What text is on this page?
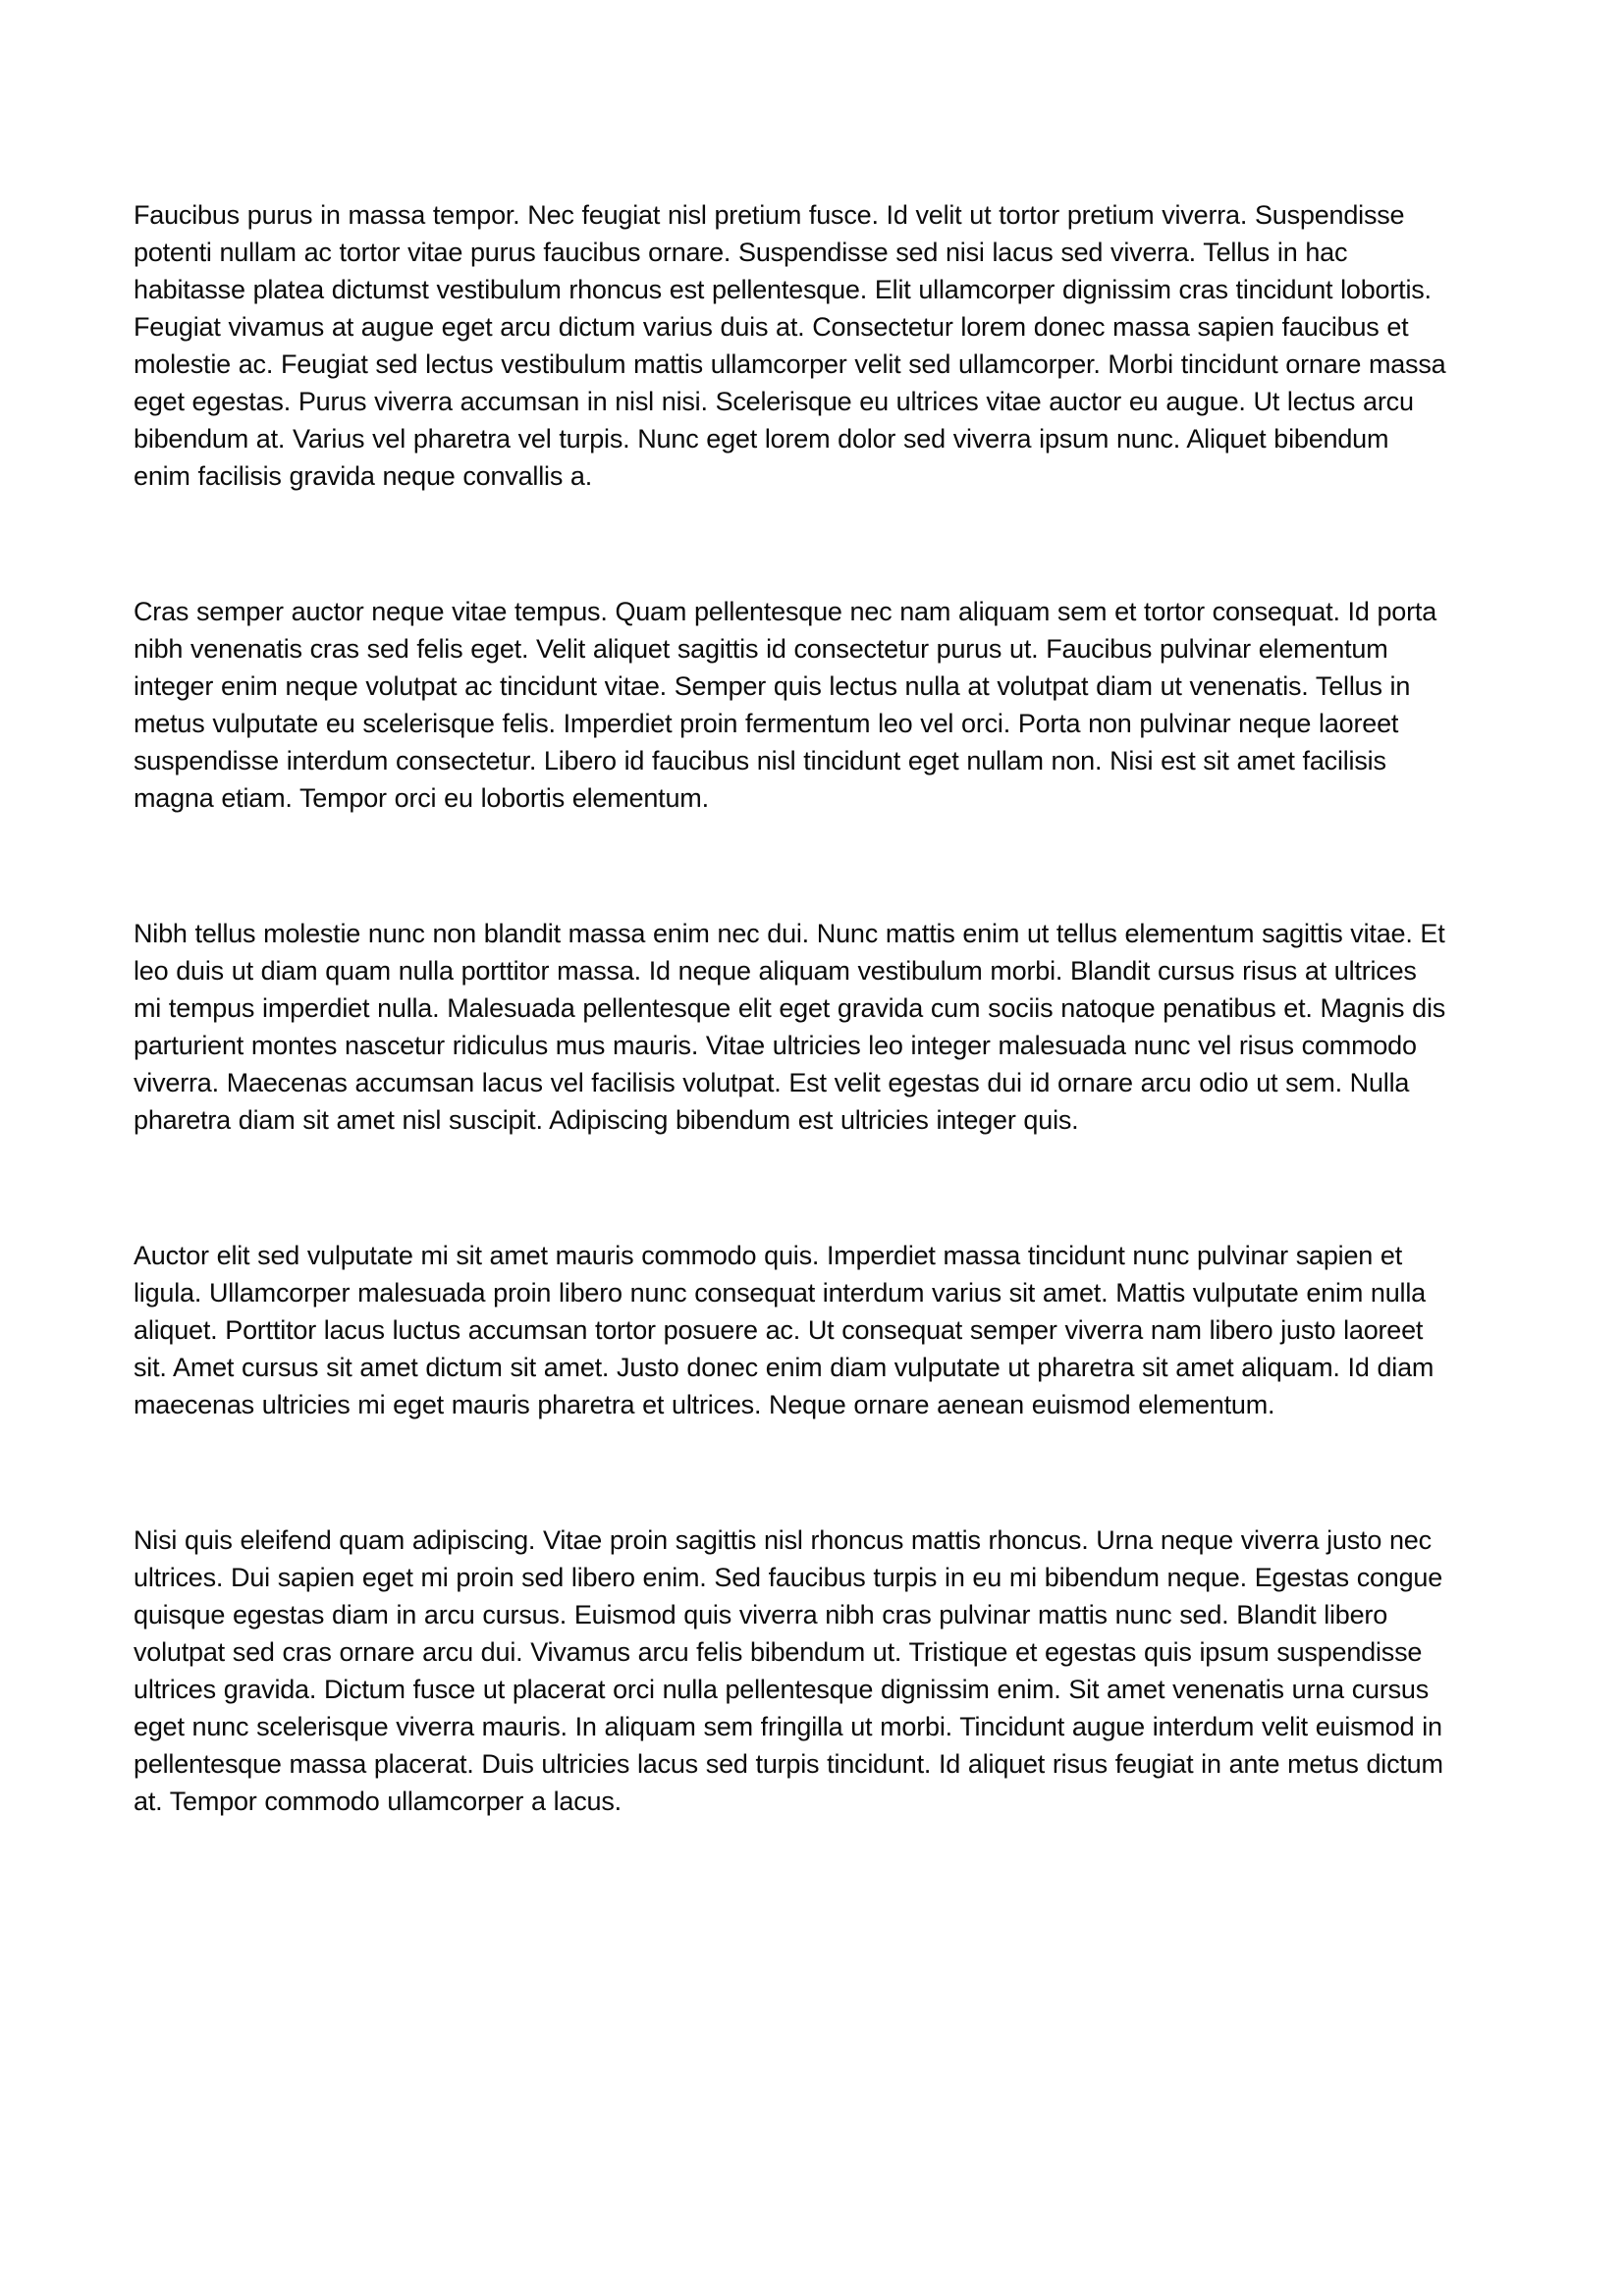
Faucibus purus in massa tempor. Nec feugiat nisl pretium fusce. Id velit ut tortor pretium viverra. Suspendisse potenti nullam ac tortor vitae purus faucibus ornare. Suspendisse sed nisi lacus sed viverra. Tellus in hac habitasse platea dictumst vestibulum rhoncus est pellentesque. Elit ullamcorper dignissim cras tincidunt lobortis. Feugiat vivamus at augue eget arcu dictum varius duis at. Consectetur lorem donec massa sapien faucibus et molestie ac. Feugiat sed lectus vestibulum mattis ullamcorper velit sed ullamcorper. Morbi tincidunt ornare massa eget egestas. Purus viverra accumsan in nisl nisi. Scelerisque eu ultrices vitae auctor eu augue. Ut lectus arcu bibendum at. Varius vel pharetra vel turpis. Nunc eget lorem dolor sed viverra ipsum nunc. Aliquet bibendum enim facilisis gravida neque convallis a.

Cras semper auctor neque vitae tempus. Quam pellentesque nec nam aliquam sem et tortor consequat. Id porta nibh venenatis cras sed felis eget. Velit aliquet sagittis id consectetur purus ut. Faucibus pulvinar elementum integer enim neque volutpat ac tincidunt vitae. Semper quis lectus nulla at volutpat diam ut venenatis. Tellus in metus vulputate eu scelerisque felis. Imperdiet proin fermentum leo vel orci. Porta non pulvinar neque laoreet suspendisse interdum consectetur. Libero id faucibus nisl tincidunt eget nullam non. Nisi est sit amet facilisis magna etiam. Tempor orci eu lobortis elementum.

Nibh tellus molestie nunc non blandit massa enim nec dui. Nunc mattis enim ut tellus elementum sagittis vitae. Et leo duis ut diam quam nulla porttitor massa. Id neque aliquam vestibulum morbi. Blandit cursus risus at ultrices mi tempus imperdiet nulla. Malesuada pellentesque elit eget gravida cum sociis natoque penatibus et. Magnis dis parturient montes nascetur ridiculus mus mauris. Vitae ultricies leo integer malesuada nunc vel risus commodo viverra. Maecenas accumsan lacus vel facilisis volutpat. Est velit egestas dui id ornare arcu odio ut sem. Nulla pharetra diam sit amet nisl suscipit. Adipiscing bibendum est ultricies integer quis.

Auctor elit sed vulputate mi sit amet mauris commodo quis. Imperdiet massa tincidunt nunc pulvinar sapien et ligula. Ullamcorper malesuada proin libero nunc consequat interdum varius sit amet. Mattis vulputate enim nulla aliquet. Porttitor lacus luctus accumsan tortor posuere ac. Ut consequat semper viverra nam libero justo laoreet sit. Amet cursus sit amet dictum sit amet. Justo donec enim diam vulputate ut pharetra sit amet aliquam. Id diam maecenas ultricies mi eget mauris pharetra et ultrices. Neque ornare aenean euismod elementum.

Nisi quis eleifend quam adipiscing. Vitae proin sagittis nisl rhoncus mattis rhoncus. Urna neque viverra justo nec ultrices. Dui sapien eget mi proin sed libero enim. Sed faucibus turpis in eu mi bibendum neque. Egestas congue quisque egestas diam in arcu cursus. Euismod quis viverra nibh cras pulvinar mattis nunc sed. Blandit libero volutpat sed cras ornare arcu dui. Vivamus arcu felis bibendum ut. Tristique et egestas quis ipsum suspendisse ultrices gravida. Dictum fusce ut placerat orci nulla pellentesque dignissim enim. Sit amet venenatis urna cursus eget nunc scelerisque viverra mauris. In aliquam sem fringilla ut morbi. Tincidunt augue interdum velit euismod in pellentesque massa placerat. Duis ultricies lacus sed turpis tincidunt. Id aliquet risus feugiat in ante metus dictum at. Tempor commodo ullamcorper a lacus.
